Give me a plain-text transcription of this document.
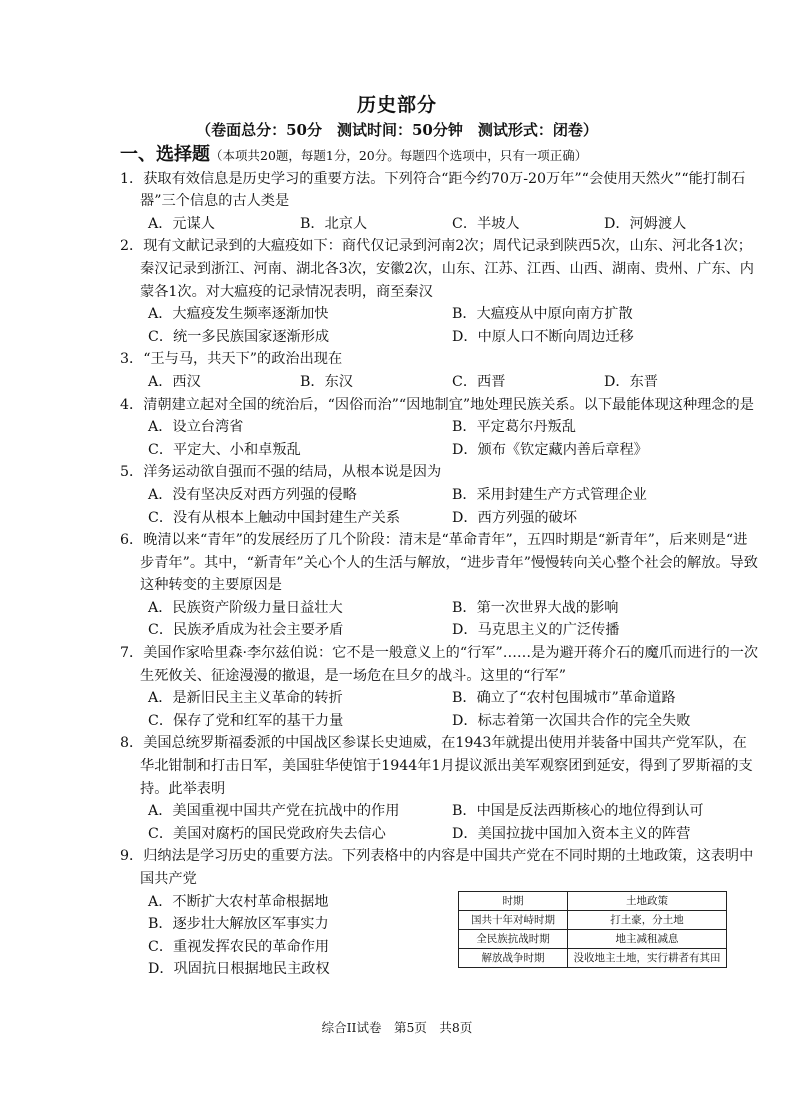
历史部分
（卷面总分：50分　测试时间：50分钟　测试形式：闭卷）
一、选择题（本项共20题，每题1分，20分。每题四个选项中，只有一项正确）
1．获取有效信息是历史学习的重要方法。下列符合“距今约70万-20万年”“会使用天然火”“能打制石器”三个信息的古人类是
A．元谋人	B．北京人	C．半坡人	D．河姆渡人
2．现有文献记录到的大瘟疫如下：商代仅记录到河南2次；周代记录到陕西5次，山东、河北各1次；秦汉记录到浙江、河南、湖北各3次，安徽2次，山东、江苏、江西、山西、湖南、贵州、广东、内蒙各1次。对大瘟疫的记录情况表明，商至秦汉
A．大瘟疫发生频率逐渐加快	B．大瘟疫从中原向南方扩散
C．统一多民族国家逐渐形成	D．中原人口不断向周边迁移
3．“王与马，共天下”的政治出现在
A．西汉	B．东汉	C．西晋	D．东晋
4．清朝建立起对全国的统治后，“因俗而治”“因地制宜”地处理民族关系。以下最能体现这种理念的是
A．设立台湾省	B．平定葛尔丹叛乱
C．平定大、小和卓叛乱	D．颁布《钦定藏内善后章程》
5．洋务运动欲自强而不强的结局，从根本说是因为
A．没有坚决反对西方列强的侵略	B．采用封建生产方式管理企业
C．没有从根本上触动中国封建生产关系	D．西方列强的破坏
6．晚清以来“青年”的发展经历了几个阶段：清末是“革命青年”，五四时期是“新青年”，后来则是“进步青年”。其中，“新青年”关心个人的生活与解放，“进步青年”慢慢转向关心整个社会的解放。导致这种转变的主要原因是
A．民族资产阶级力量日益壮大	B．第一次世界大战的影响
C．民族矛盾成为社会主要矛盾	D．马克思主义的广泛传播
7．美国作家哈里森·李尔兹伯说：它不是一般意义上的“行军”……是为避开蒋介石的魔爪而进行的一次生死攸关、征途漫漫的撤退，是一场危在旦夕的战斗。这里的“行军”
A．是新旧民主主义革命的转折	B．确立了“农村包围城市”革命道路
C．保存了党和红军的基干力量	D．标志着第一次国共合作的完全失败
8．美国总统罗斯福委派的中国战区参谋长史迪威，在1943年就提出使用并装备中国共产党军队，在华北钳制和打击日军，美国驻华使馆于1944年1月提议派出美军观察团到延安，得到了罗斯福的支持。此举表明
A．美国重视中国共产党在抗战中的作用	B．中国是反法西斯核心的地位得到认可
C．美国对腐朽的国民党政府失去信心	D．美国拉拢中国加入资本主义的阵营
9．归纳法是学习历史的重要方法。下列表格中的内容是中国共产党在不同时期的土地政策，这表明中国共产党
A．不断扩大农村革命根据地
B．逐步壮大解放区军事实力
C．重视发挥农民的革命作用
D．巩固抗日根据地民主政权
时期	土地政策
国共十年对峙时期	打土豪，分土地
全民族抗战时期	地主减租减息
解放战争时期	没收地主土地，实行耕者有其田
综合II试卷　第5页　共8页
